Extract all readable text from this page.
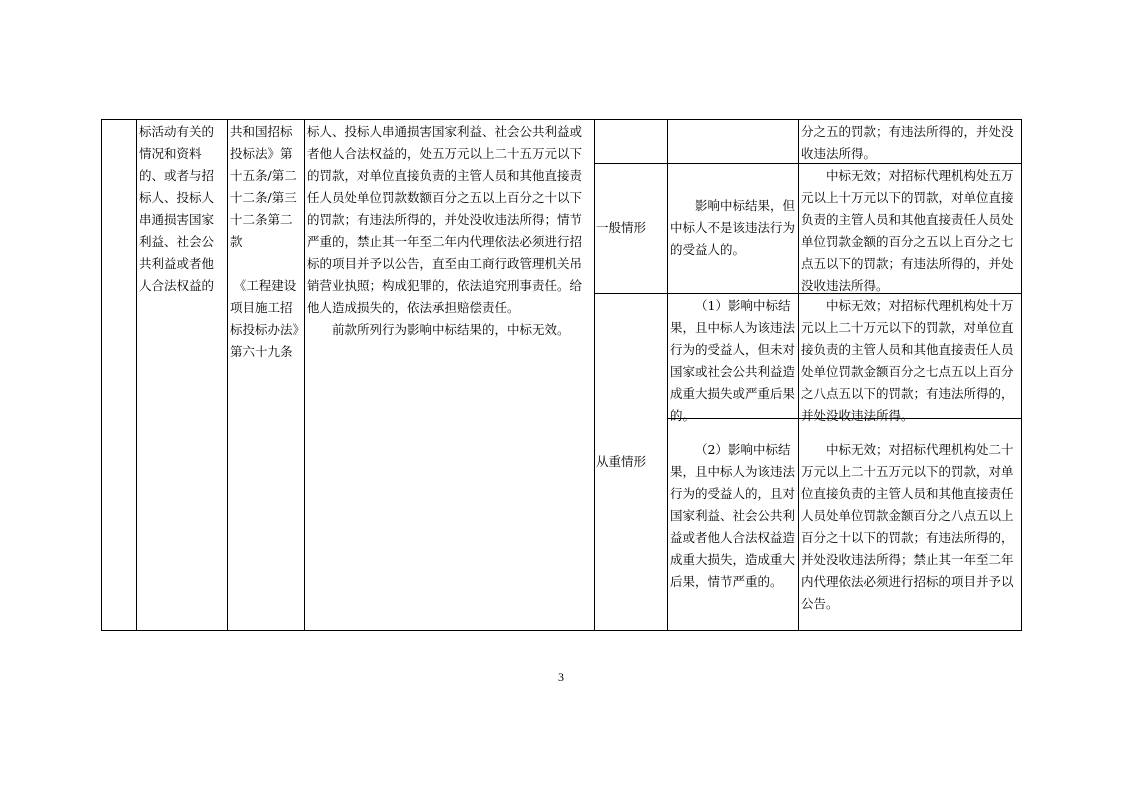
标活动有关的情况和资料的、或者与招标人、投标人串通损害国家利益、社会公共利益或者他人合法权益的

共和国招标投标法》第十五条/第二十二条/第三十二条第二款

《工程建设项目施工招标投标办法》第六十九条

标人、投标人串通损害国家利益、社会公共利益或者他人合法权益的，处五万元以上二十五万元以下的罚款，对单位直接负责的主管人员和其他直接责任人员处单位罚款数额百分之五以上百分之十以下的罚款；有违法所得的，并处没收违法所得；情节严重的，禁止其一年至二年内代理依法必须进行招标的项目并予以公告，直至由工商行政管理机关吊销营业执照；构成犯罪的，依法追究刑事责任。给他人造成损失的，依法承担赔偿责任。

前款所列行为影响中标结果的，中标无效。

分之五的罚款；有违法所得的，并处没收违法所得。
一般情形

影响中标结果，但中标人不是该违法行为的受益人的。

中标无效；对招标代理机构处五万元以上十万元以下的罚款，对单位直接负责的主管人员和其他直接责任人员处单位罚款金额的百分之五以上百分之七点五以下的罚款；有违法所得的，并处没收违法所得。

从重情形

（1）影响中标结果，且中标人为该违法行为的受益人，但未对国家或社会公共利益造成重大损失或严重后果的。

中标无效；对招标代理机构处十万元以上二十万元以下的罚款，对单位直接负责的主管人员和其他直接责任人员处单位罚款金额百分之七点五以上百分之八点五以下的罚款；有违法所得的，并处没收违法所得。

（2）影响中标结果，且中标人为该违法行为的受益人的，且对国家利益、社会公共利益或者他人合法权益造成重大损失，造成重大后果，情节严重的。

中标无效；对招标代理机构处二十万元以上二十五万元以下的罚款，对单位直接负责的主管人员和其他直接责任人员处单位罚款金额百分之八点五以上百分之十以下的罚款；有违法所得的，并处没收违法所得；禁止其一年至二年内代理依法必须进行招标的项目并予以公告。

3
